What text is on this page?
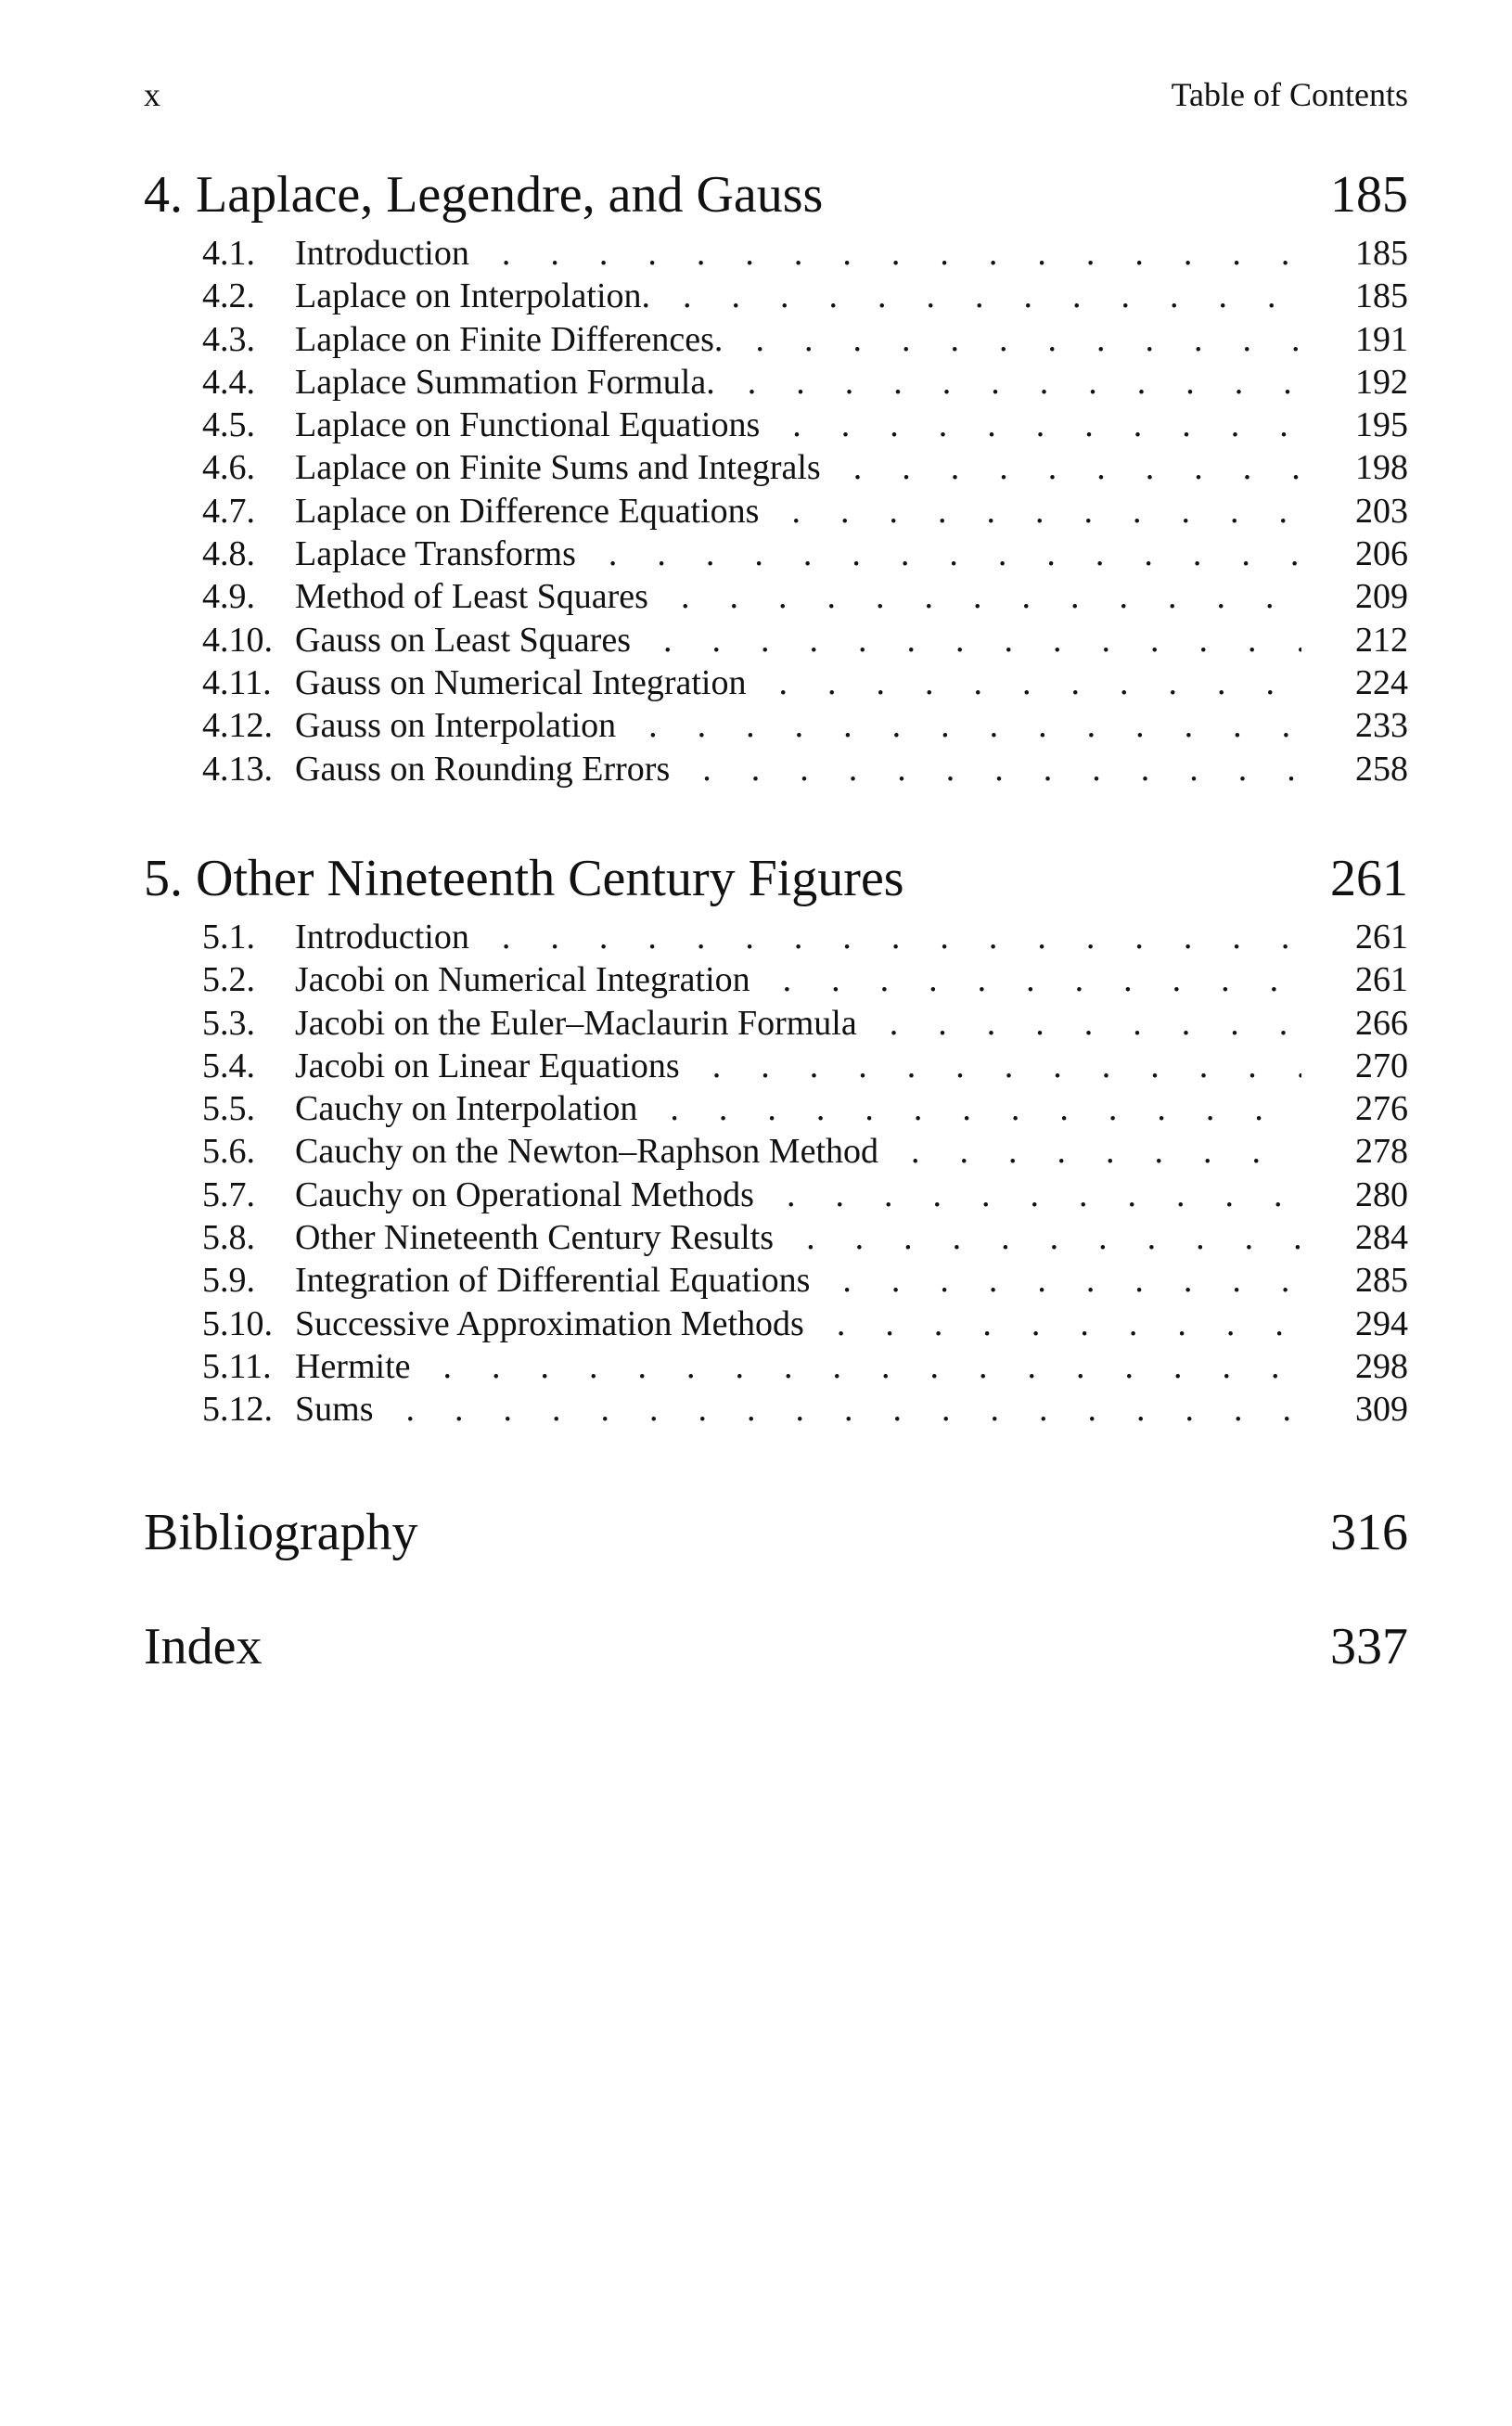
x	Table of Contents
4. Laplace, Legendre, and Gauss	185
4.1. Introduction . .	185
4.2. Laplace on Interpolation. . .	185
4.3. Laplace on Finite Differences. . .	191
4.4. Laplace Summation Formula. . .	192
4.5. Laplace on Functional Equations . .	195
4.6. Laplace on Finite Sums and Integrals . .	198
4.7. Laplace on Difference Equations . .	203
4.8. Laplace Transforms . .	206
4.9. Method of Least Squares . .	209
4.10. Gauss on Least Squares . .	212
4.11. Gauss on Numerical Integration . .	224
4.12. Gauss on Interpolation . .	233
4.13. Gauss on Rounding Errors . .	258
5. Other Nineteenth Century Figures	261
5.1. Introduction . .	261
5.2. Jacobi on Numerical Integration . .	261
5.3. Jacobi on the Euler–Maclaurin Formula . .	266
5.4. Jacobi on Linear Equations . .	270
5.5. Cauchy on Interpolation . .	276
5.6. Cauchy on the Newton–Raphson Method . .	278
5.7. Cauchy on Operational Methods . .	280
5.8. Other Nineteenth Century Results . .	284
5.9. Integration of Differential Equations . .	285
5.10. Successive Approximation Methods . .	294
5.11. Hermite . .	298
5.12. Sums . .	309
Bibliography	316
Index	337
